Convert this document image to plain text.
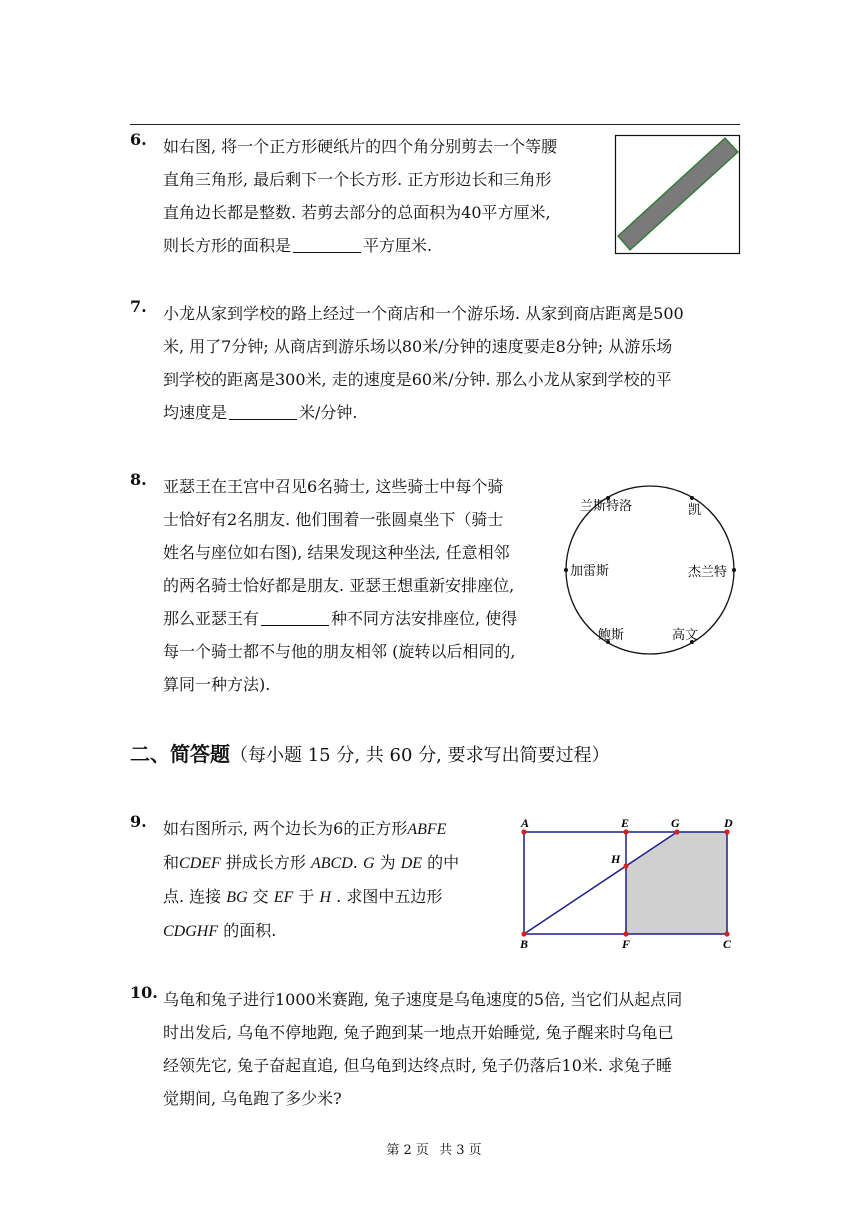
6. 如右图, 将一个正方形硬纸片的四个角分别剪去一个等腰
直角三角形, 最后剩下一个长方形. 正方形边长和三角形
直角边长都是整数. 若剪去部分的总面积为40平方厘米,
则长方形的面积是	平方厘米.
7. 小龙从家到学校的路上经过一个商店和一个游乐场. 从家到商店距离是500
米, 用了7分钟; 从商店到游乐场以80米/分钟的速度要走8分钟; 从游乐场
到学校的距离是300米, 走的速度是60米/分钟. 那么小龙从家到学校的平
均速度是	米/分钟.
8. 亚瑟王在王宫中召见6名骑士, 这些骑士中每个骑
士恰好有2名朋友. 他们围着一张圆桌坐下（骑士
姓名与座位如右图), 结果发现这种坐法, 任意相邻
的两名骑士恰好都是朋友. 亚瑟王想重新安排座位,
那么亚瑟王有	种不同方法安排座位, 使得
每一个骑士都不与他的朋友相邻 (旋转以后相同的,
算同一种方法).
兰斯特洛	凯
杰兰特
高文
鲍斯
加雷斯
二、简答题（每小题 15 分, 共 60 分, 要求写出简要过程）
9. 如右图所示, 两个边长为6的正方形ABFE
和CDEF 拼成长方形 ABCD. G 为 DE 的中
点. 连接 BG 交 EF 于 H . 求图中五边形
CDGHF 的面积.
A	E	G	D
H
B	F	C
10. 乌龟和兔子进行1000米赛跑, 兔子速度是乌龟速度的5倍, 当它们从起点同
时出发后, 乌龟不停地跑, 兔子跑到某一地点开始睡觉, 兔子醒来时乌龟已
经领先它, 兔子奋起直追, 但乌龟到达终点时, 兔子仍落后10米. 求兔子睡
觉期间, 乌龟跑了多少米?
第 2 页 共 3 页
